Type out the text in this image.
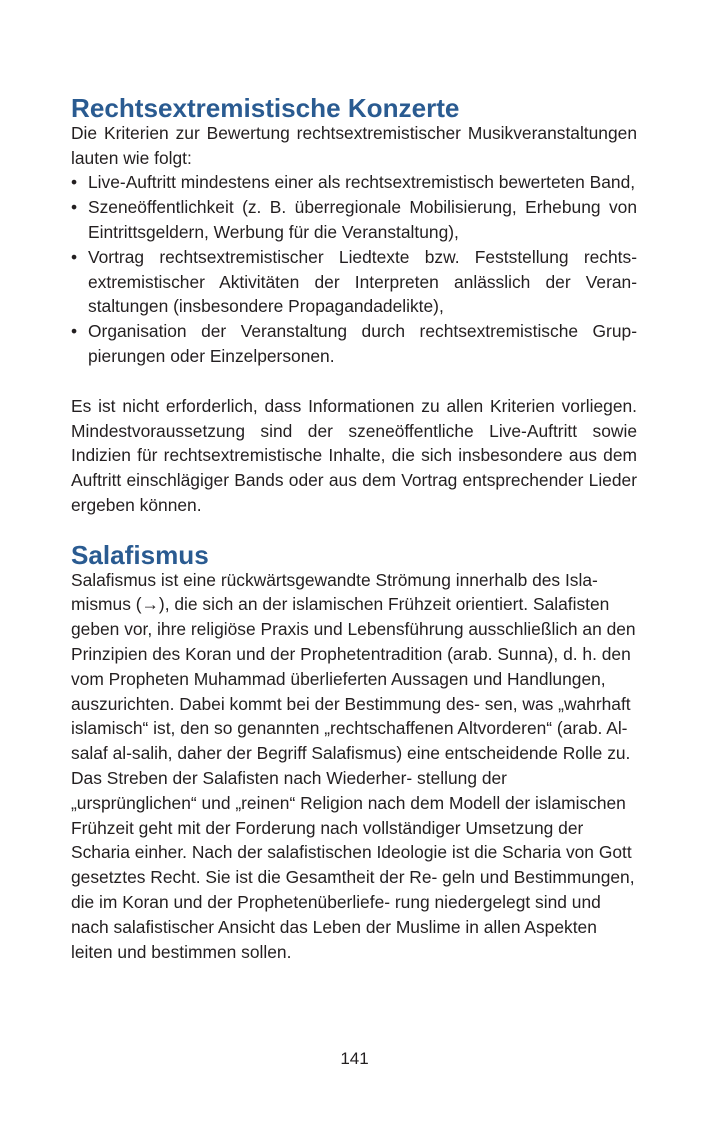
Rechtsextremistische Konzerte

Die Kriterien zur Bewertung rechtsextremistischer Musikveranstaltungen lauten wie folgt:

• Live-Auftritt mindestens einer als rechtsextremistisch bewerteten Band,
• Szeneöffentlichkeit (z. B. überregionale Mobilisierung, Erhebung von Eintrittsgeldern, Werbung für die Veranstaltung),
• Vortrag rechtsextremistischer Liedtexte bzw. Feststellung rechtsextremistischer Aktivitäten der Interpreten anlässlich der Veranstaltungen (insbesondere Propagandadelikte),
• Organisation der Veranstaltung durch rechtsextremistische Gruppierungen oder Einzelpersonen.

Es ist nicht erforderlich, dass Informationen zu allen Kriterien vorliegen. Mindestvoraussetzung sind der szeneöffentliche Live-Auftritt sowie Indizien für rechtsextremistische Inhalte, die sich insbesondere aus dem Auftritt einschlägiger Bands oder aus dem Vortrag entsprechender Lieder ergeben können.

Salafismus

Salafismus ist eine rückwärtsgewandte Strömung innerhalb des Islamismus (→), die sich an der islamischen Frühzeit orientiert. Salafisten geben vor, ihre religiöse Praxis und Lebensführung ausschließlich an den Prinzipien des Koran und der Prophetentradition (arab. Sunna), d. h. den vom Propheten Muhammad überlieferten Aussagen und Handlungen, auszurichten. Dabei kommt bei der Bestimmung des- sen, was „wahrhaft islamisch“ ist, den so genannten „rechtschaffenen Altvorderen“ (arab. Al-salaf al-salih, daher der Begriff Salafismus) eine entscheidende Rolle zu. Das Streben der Salafisten nach Wiederher- stellung der „ursprünglichen“ und „reinen“ Religion nach dem Modell der islamischen Frühzeit geht mit der Forderung nach vollständiger Umsetzung der Scharia einher. Nach der salafistischen Ideologie ist die Scharia von Gott gesetztes Recht. Sie ist die Gesamtheit der Re- geln und Bestimmungen, die im Koran und der Prophetenüberliefe- rung niedergelegt sind und nach salafistischer Ansicht das Leben der Muslime in allen Aspekten leiten und bestimmen sollen.

141
